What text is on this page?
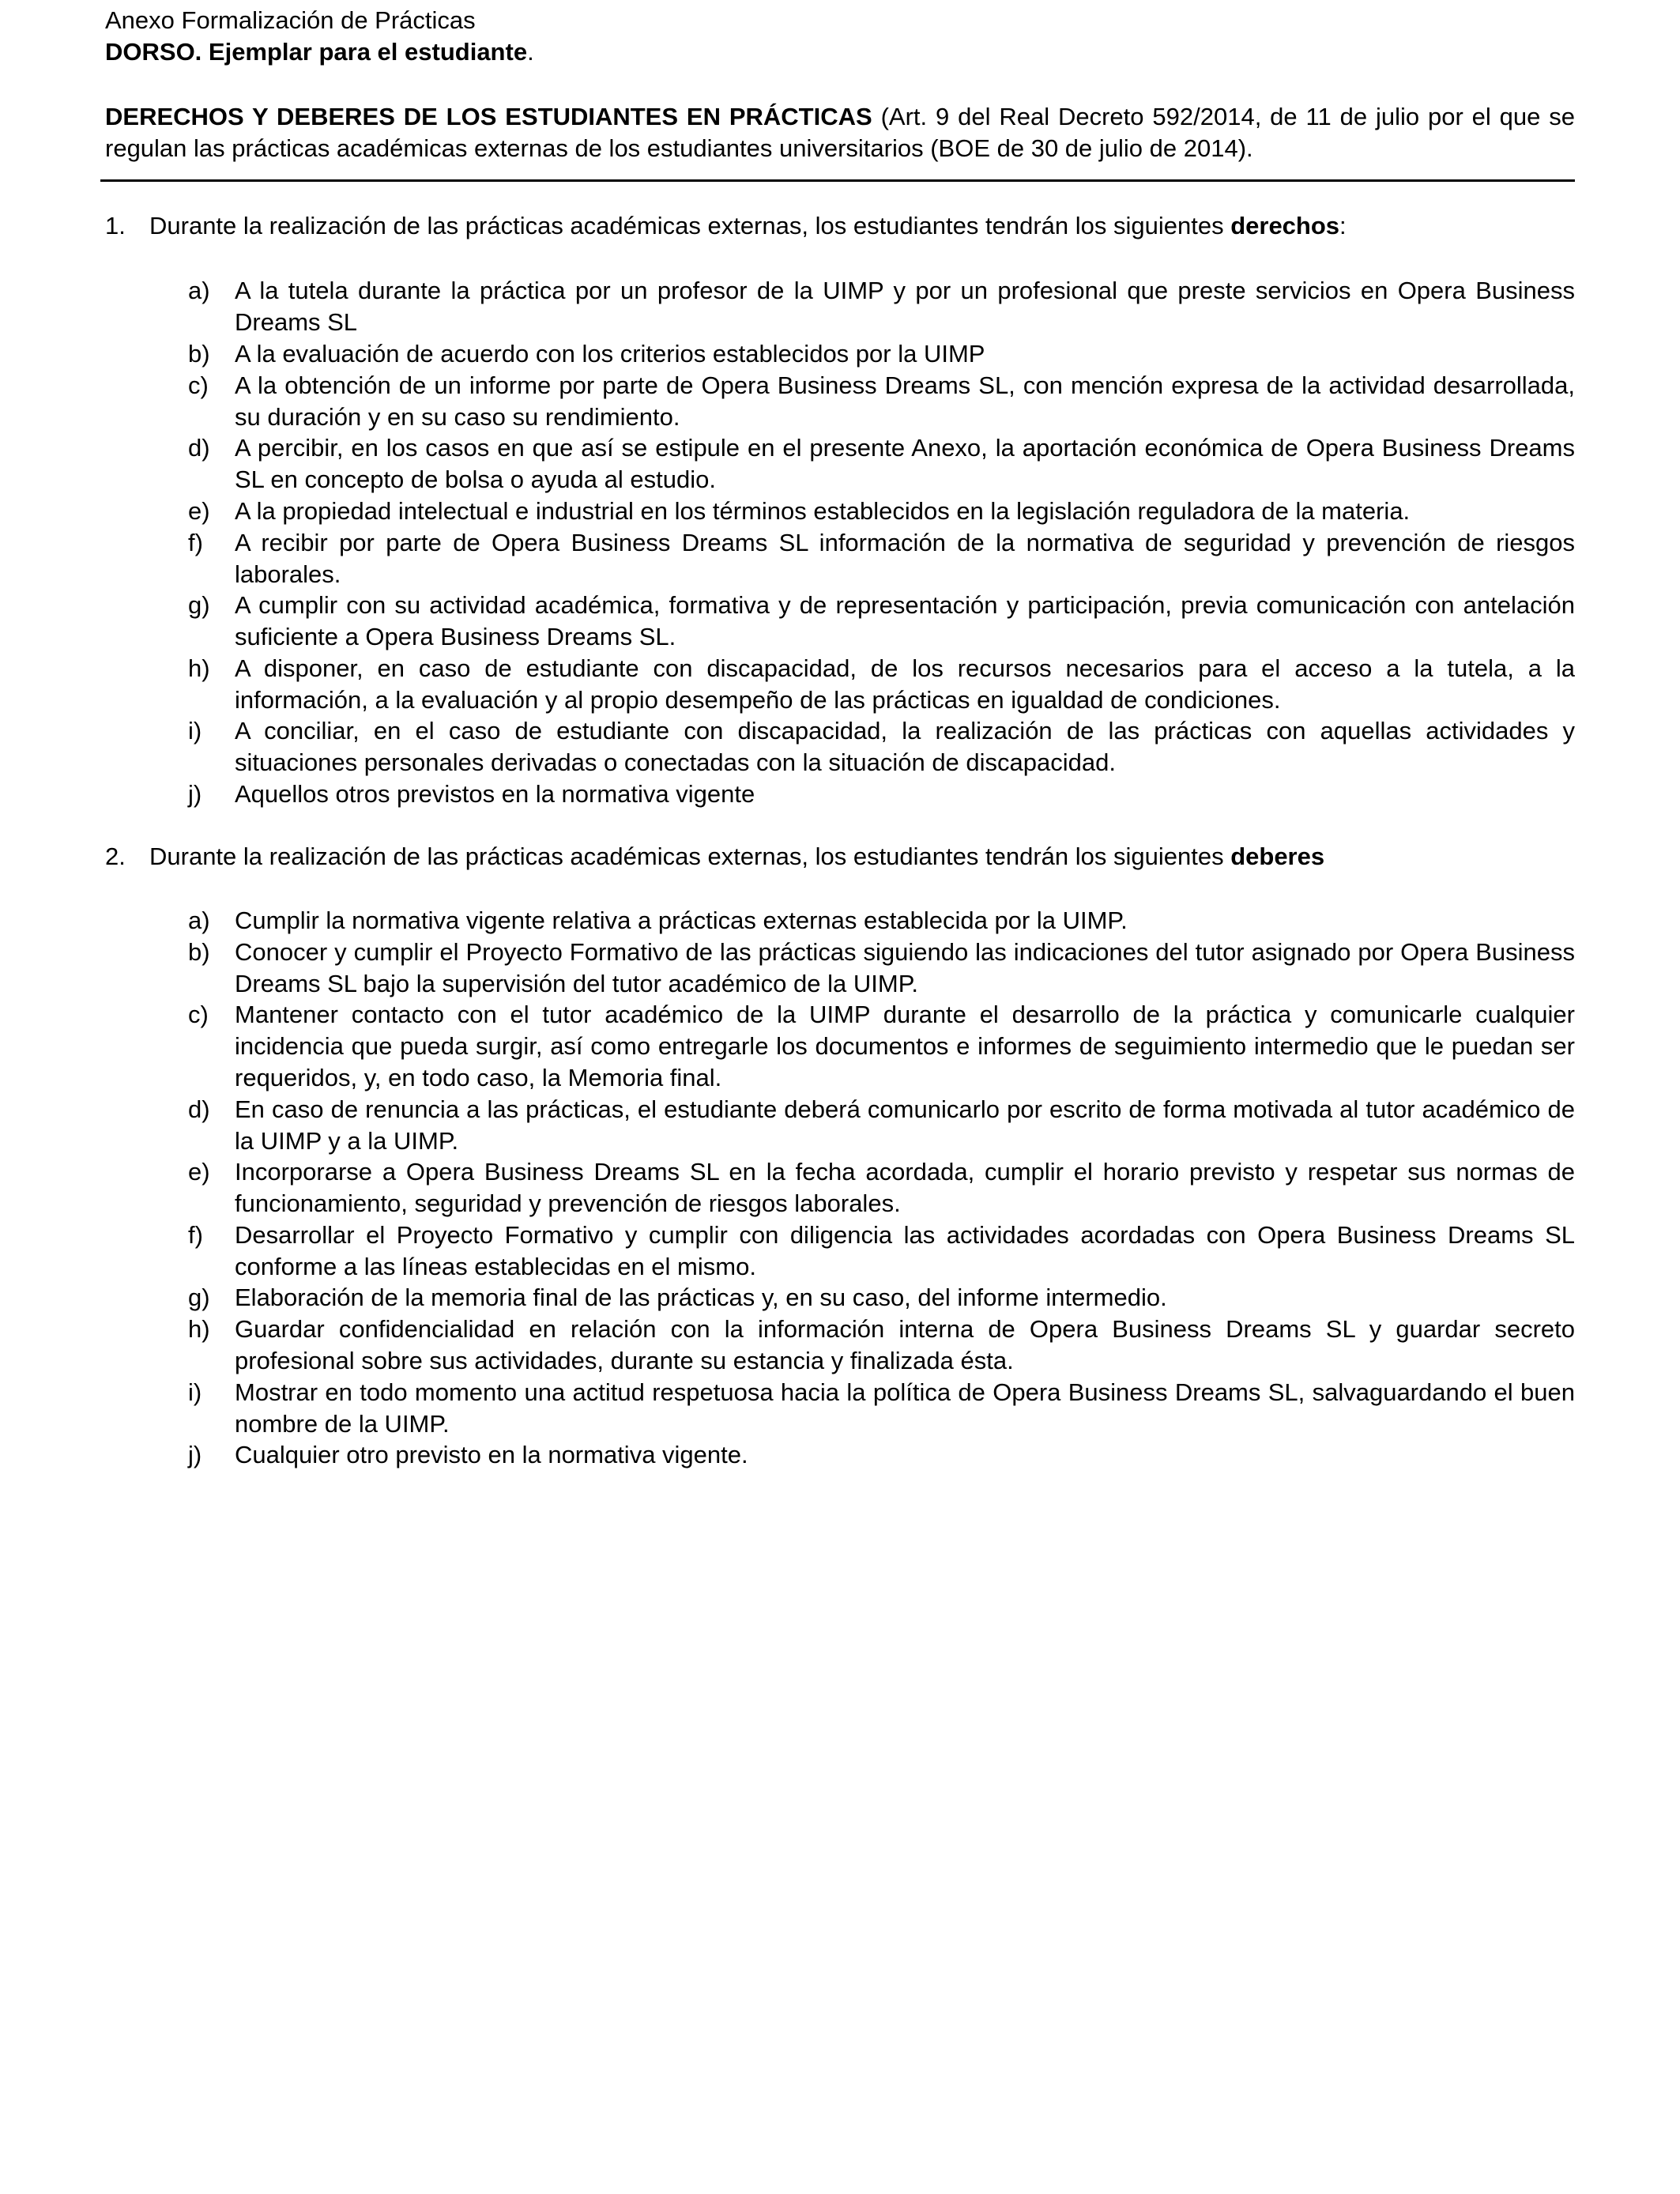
Anexo Formalización de Prácticas
DORSO. Ejemplar para el estudiante.
DERECHOS Y DEBERES DE LOS ESTUDIANTES EN PRÁCTICAS (Art. 9 del Real Decreto 592/2014, de 11 de julio por el que se regulan las prácticas académicas externas de los estudiantes universitarios (BOE de 30 de julio de 2014).
1. Durante la realización de las prácticas académicas externas, los estudiantes tendrán los siguientes derechos:
a) A la tutela durante la práctica por un profesor de la UIMP y por un profesional que preste servicios en Opera Business Dreams SL
b) A la evaluación de acuerdo con los criterios establecidos por la UIMP
c) A la obtención de un informe por parte de Opera Business Dreams SL, con mención expresa de la actividad desarrollada, su duración y en su caso su rendimiento.
d) A percibir, en los casos en que así se estipule en el presente Anexo, la aportación económica de Opera Business Dreams SL en concepto de bolsa o ayuda al estudio.
e) A la propiedad intelectual e industrial en los términos establecidos en la legislación reguladora de la materia.
f) A recibir por parte de Opera Business Dreams SL información de la normativa de seguridad y prevención de riesgos laborales.
g) A cumplir con su actividad académica, formativa y de representación y participación, previa comunicación con antelación suficiente a Opera Business Dreams SL.
h) A disponer, en caso de estudiante con discapacidad, de los recursos necesarios para el acceso a la tutela, a la información, a la evaluación y al propio desempeño de las prácticas en igualdad de condiciones.
i) A conciliar, en el caso de estudiante con discapacidad, la realización de las prácticas con aquellas actividades y situaciones personales derivadas o conectadas con la situación de discapacidad.
j) Aquellos otros previstos en la normativa vigente
2. Durante la realización de las prácticas académicas externas, los estudiantes tendrán los siguientes deberes
a) Cumplir la normativa vigente relativa a prácticas externas establecida por la UIMP.
b) Conocer y cumplir el Proyecto Formativo de las prácticas siguiendo las indicaciones del tutor asignado por Opera Business Dreams SL bajo la supervisión del tutor académico de la UIMP.
c) Mantener contacto con el tutor académico de la UIMP durante el desarrollo de la práctica y comunicarle cualquier incidencia que pueda surgir, así como entregarle los documentos e informes de seguimiento intermedio que le puedan ser requeridos, y, en todo caso, la Memoria final.
d) En caso de renuncia a las prácticas, el estudiante deberá comunicarlo por escrito de forma motivada al tutor académico de la UIMP y a la UIMP.
e) Incorporarse a Opera Business Dreams SL en la fecha acordada, cumplir el horario previsto y respetar sus normas de funcionamiento, seguridad y prevención de riesgos laborales.
f) Desarrollar el Proyecto Formativo y cumplir con diligencia las actividades acordadas con Opera Business Dreams SL conforme a las líneas establecidas en el mismo.
g) Elaboración de la memoria final de las prácticas y, en su caso, del informe intermedio.
h) Guardar confidencialidad en relación con la información interna de Opera Business Dreams SL y guardar secreto profesional sobre sus actividades, durante su estancia y finalizada ésta.
i) Mostrar en todo momento una actitud respetuosa hacia la política de Opera Business Dreams SL, salvaguardando el buen nombre de la UIMP.
j) Cualquier otro previsto en la normativa vigente.
